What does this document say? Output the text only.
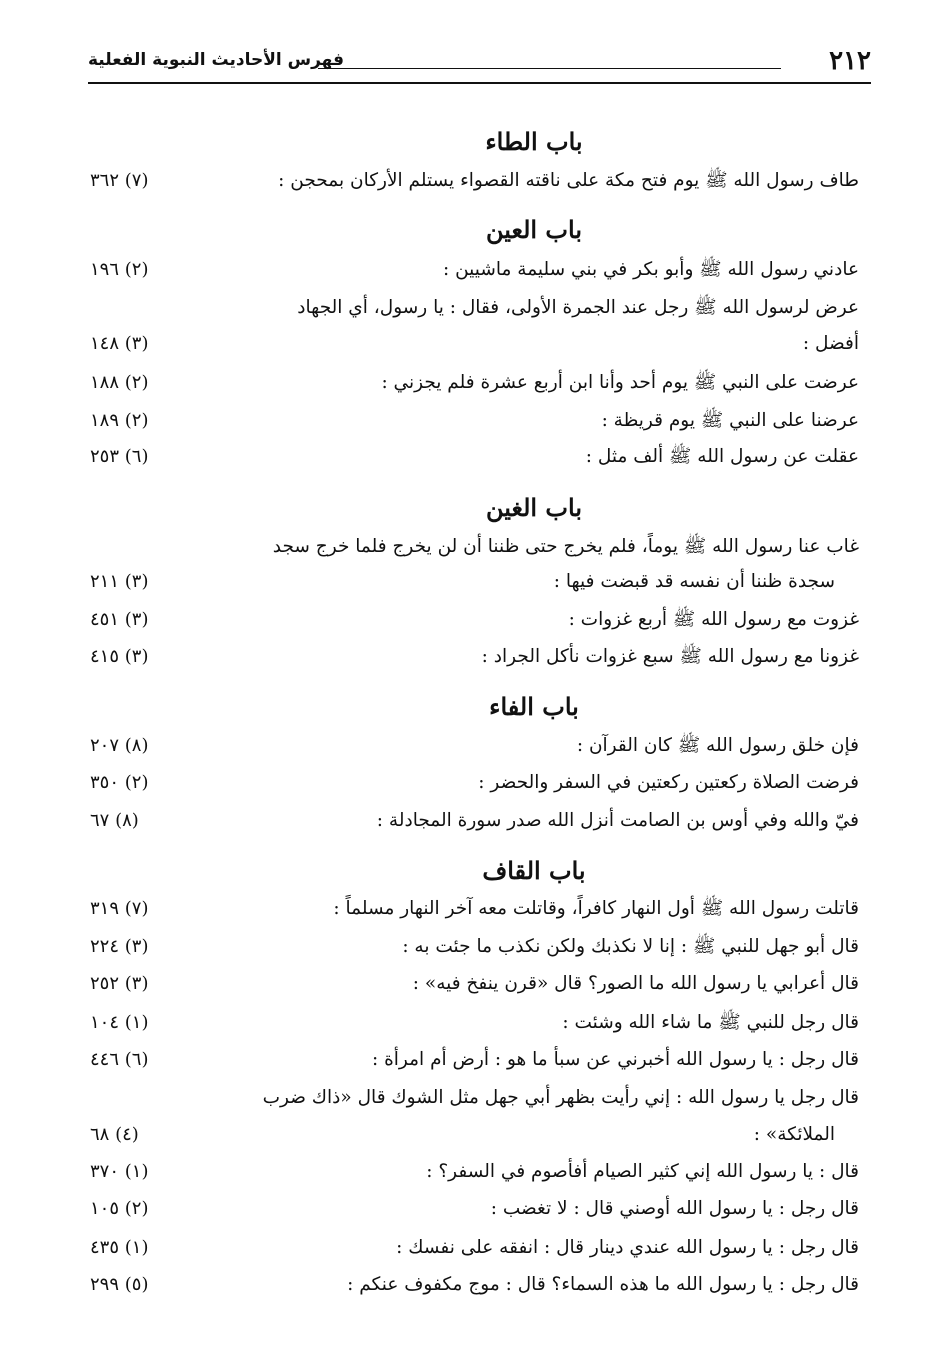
٢١٢
فهرس الأحاديث النبوية الفعلية
باب الطاء
طاف رسول الله ﷺ يوم فتح مكة على ناقته القصواء يستلم الأركان بمحجن :
(٧) ٣٦٢
باب العين
عادني رسول الله ﷺ وأبو بكر في بني سليمة ماشيين :
(٢) ١٩٦
عرض لرسول الله ﷺ رجل عند الجمرة الأولى، فقال : يا رسول، أي الجهاد
أفضل :
(٣) ١٤٨
عرضت على النبي ﷺ يوم أحد وأنا ابن أربع عشرة فلم يجزني :
(٢) ١٨٨
عرضنا على النبي ﷺ يوم قريظة :
(٢) ١٨٩
عقلت عن رسول الله ﷺ ألف مثل :
(٦) ٢٥٣
باب الغين
غاب عنا رسول الله ﷺ يوماً، فلم يخرج حتى ظننا أن لن يخرج فلما خرج سجد
سجدة ظننا أن نفسه قد قبضت فيها :
(٣) ٢١١
غزوت مع رسول الله ﷺ أربع غزوات :
(٣) ٤٥١
غزونا مع رسول الله ﷺ سبع غزوات نأكل الجراد :
(٣) ٤١٥
باب الفاء
فإن خلق رسول الله ﷺ كان القرآن :
(٨) ٢٠٧
فرضت الصلاة ركعتين ركعتين في السفر والحضر :
(٢) ٣٥٠
فيّ والله وفي أوس بن الصامت أنزل الله صدر سورة المجادلة :
(٨) ٦٧
باب القاف
قاتلت رسول الله ﷺ أول النهار كافراً، وقاتلت معه آخر النهار مسلماً :
(٧) ٣١٩
قال أبو جهل للنبي ﷺ : إنا لا نكذبك ولكن نكذب ما جئت به :
(٣) ٢٢٤
قال أعرابي يا رسول الله ما الصور؟ قال «قرن ينفخ فيه» :
(٣) ٢٥٢
قال رجل للنبي ﷺ ما شاء الله وشئت :
(١) ١٠٤
قال رجل : يا رسول الله أخبرني عن سبأ ما هو : أرض أم امرأة :
(٦) ٤٤٦
قال رجل يا رسول الله : إني رأيت بظهر أبي جهل مثل الشوك قال «ذاك ضرب
الملائكة» :
(٤) ٦٨
قال : يا رسول الله إني كثير الصيام أفأصوم في السفر؟ :
(١) ٣٧٠
قال رجل : يا رسول الله أوصني قال : لا تغضب :
(٢) ١٠٥
قال رجل : يا رسول الله عندي دينار قال : انفقه على نفسك :
(١) ٤٣٥
قال رجل : يا رسول الله ما هذه السماء؟ قال : موج مكفوف عنكم :
(٥) ٢٩٩
